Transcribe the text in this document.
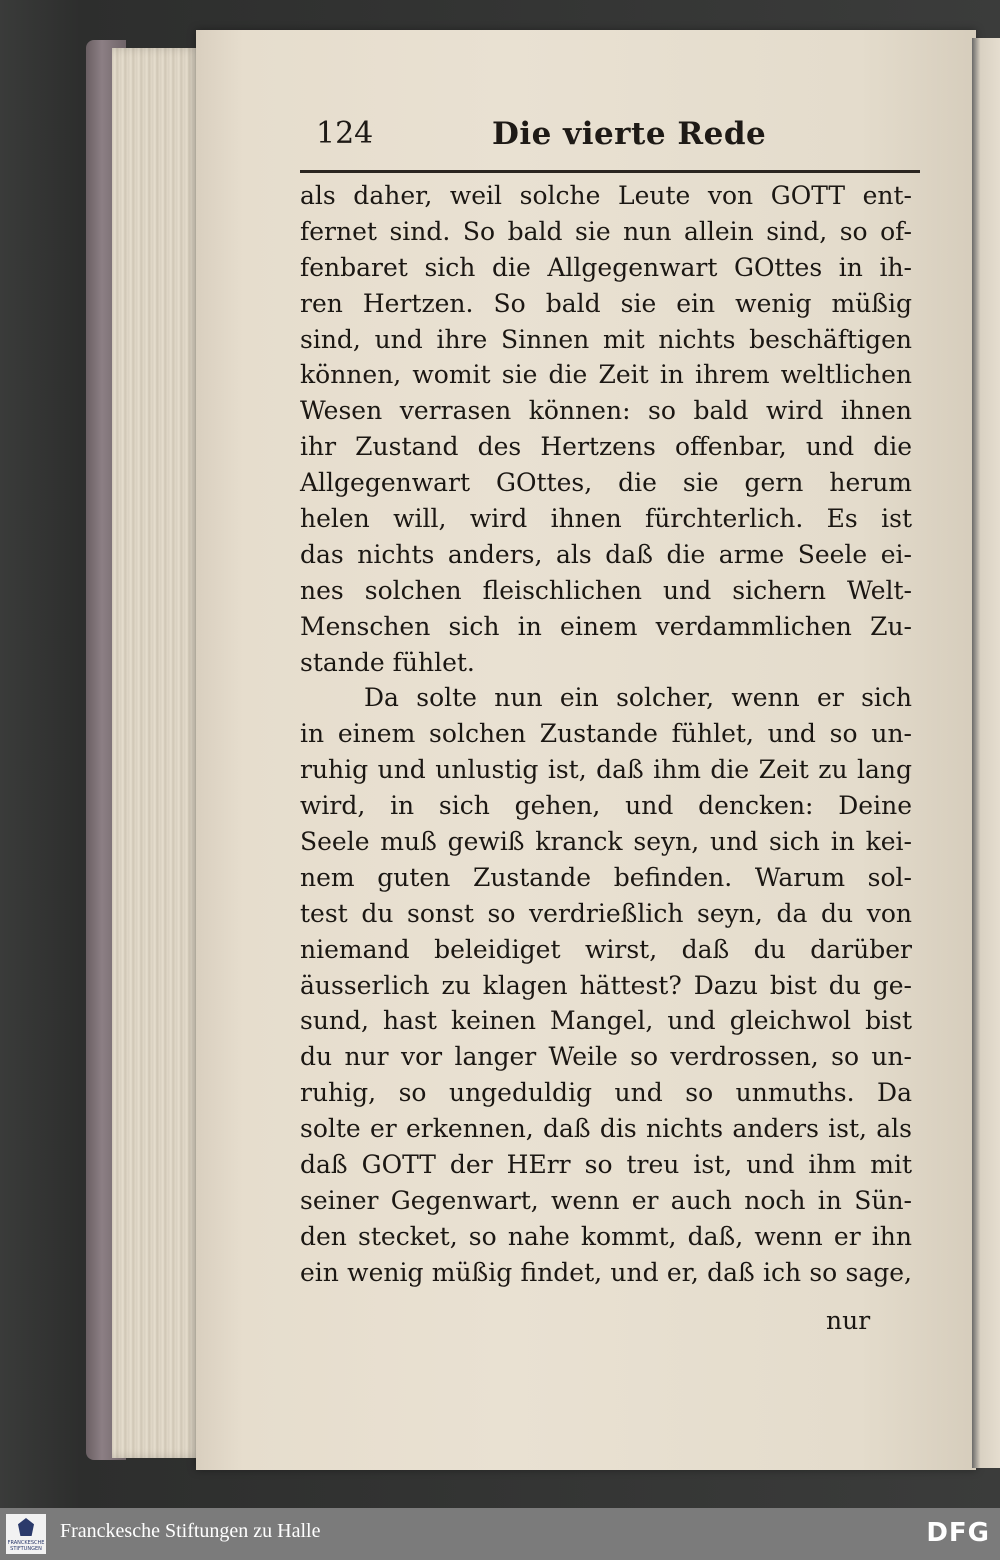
124	Die vierte Rede
als daher, weil solche Leute von GOTT ent-
fernet sind. So bald sie nun allein sind, so of-
fenbaret sich die Allgegenwart GOttes in ih-
ren Hertzen. So bald sie ein wenig müßig
sind, und ihre Sinnen mit nichts beschäftigen
können, womit sie die Zeit in ihrem weltlichen
Wesen verrasen können: so bald wird ihnen
ihr Zustand des Hertzens offenbar, und die
Allgegenwart GOttes, die sie gern herum
helen will, wird ihnen fürchterlich. Es ist
das nichts anders, als daß die arme Seele ei-
nes solchen fleischlichen und sichern Welt-
Menschen sich in einem verdammlichen Zu-
stande fühlet.
Da solte nun ein solcher, wenn er sich
in einem solchen Zustande fühlet, und so un-
ruhig und unlustig ist, daß ihm die Zeit zu lang
wird, in sich gehen, und dencken: Deine
Seele muß gewiß kranck seyn, und sich in kei-
nem guten Zustande befinden. Warum sol-
test du sonst so verdrießlich seyn, da du von
niemand beleidiget wirst, daß du darüber
äusserlich zu klagen hättest? Dazu bist du ge-
sund, hast keinen Mangel, und gleichwol bist
du nur vor langer Weile so verdrossen, so un-
ruhig, so ungeduldig und so unmuths. Da
solte er erkennen, daß dis nichts anders ist, als
daß GOTT der HErr so treu ist, und ihm mit
seiner Gegenwart, wenn er auch noch in Sün-
den stecket, so nahe kommt, daß, wenn er ihn
ein wenig müßig findet, und er, daß ich so sage,
nur
FRANCKESCHE STIFTUNGEN
Franckesche Stiftungen zu Halle	DFG
